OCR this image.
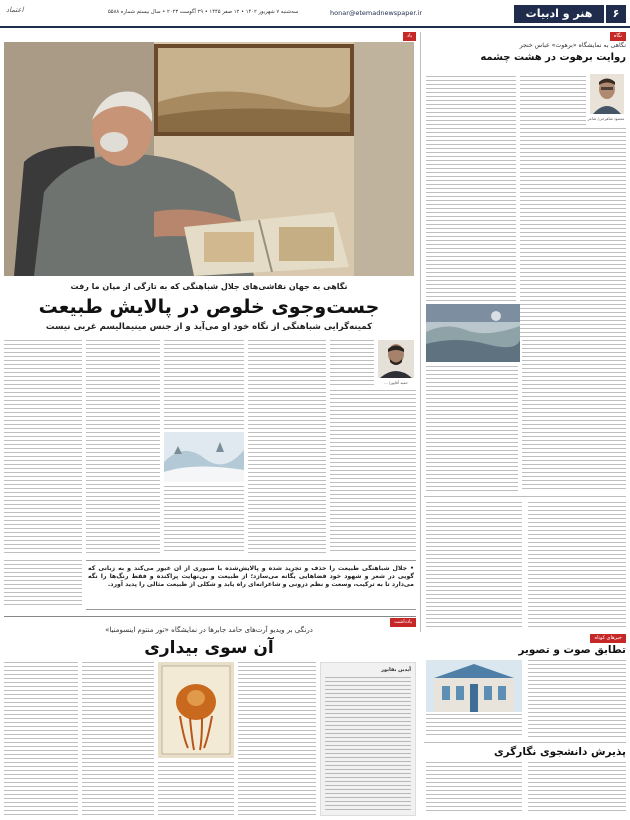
۶
هنر و ادبیات
honar@etemadnewspaper.ir
سه‌شنبه ۷ شهریور ۱۴۰۲ • ۱۲ صفر ۱۴۴۵ • ۲۹ آگوست ۲۰۲۳ • سال بیستم شماره ۵۵۸۸
اعتماد
نگاه
نگاهی به نمایشگاه «برهوت» عباس خنجر
روایت برهوت در هشت چشمه
محمود شاهرخی/ شاعر
یاد
نگاهی به جهان نقاشی‌های جلال شباهنگی که به تازگی از میان ما رفت
جست‌وجوی خلوص در پالایش طبیعت
کمینه‌گرایی شباهنگی از نگاه خود او می‌آید و از جنس مینیمالیسم غربی نیست
حمید آقاپور/ ...
• جلال شباهنگی طبیعت را حذف و تجرید شده و پالایش‌شده با صبوری از آن عبور می‌کند و به زبانی که گویی در شعر و شهود خود فضاهایی یگانه می‌سازد؛ از طبیعت و بی‌نهایت پراکنده و فقط رنگ‌ها را نگه می‌دارد تا به ترکیب، وسعت و نظم درونی و شاعرانه‌ای راه یابد و شکلی از طبیعت مثالی را پدید آورد.
یادداشت
درنگی بر ویدیو آرت‌های حامد جابرها در نمایشگاه «تور منتوم اینسومنیا»
آن سوی بیداری
آیدین بقاپور
خبرهای کوتاه
تطابق صوت و تصویر
پذیرش دانشجوی نگارگری
